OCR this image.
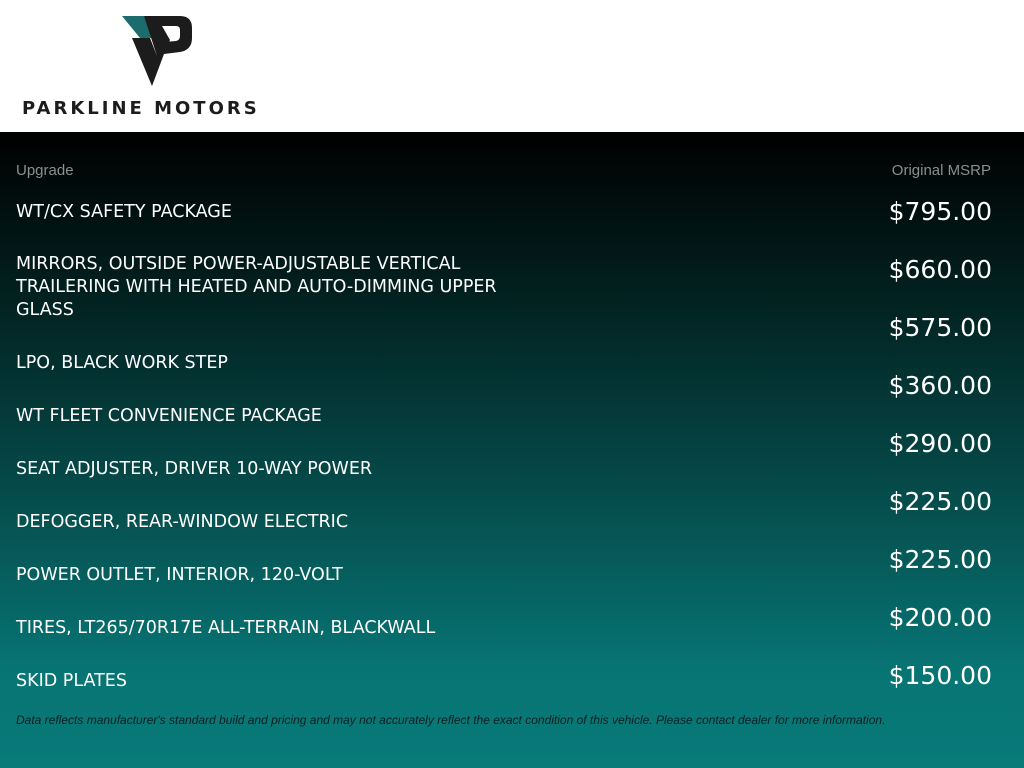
PARKLINE MOTORS
Upgrade	Original MSRP
WT/CX SAFETY PACKAGE
MIRRORS, OUTSIDE POWER-ADJUSTABLE VERTICAL TRAILERING WITH HEATED AND AUTO-DIMMING UPPER GLASS
LPO, BLACK WORK STEP
WT FLEET CONVENIENCE PACKAGE
SEAT ADJUSTER, DRIVER 10-WAY POWER
DEFOGGER, REAR-WINDOW ELECTRIC
POWER OUTLET, INTERIOR, 120-VOLT
TIRES, LT265/70R17E ALL-TERRAIN, BLACKWALL
SKID PLATES
$795.00
$660.00
$575.00
$360.00
$290.00
$225.00
$225.00
$200.00
$150.00
Data reflects manufacturer's standard build and pricing and may not accurately reflect the exact condition of this vehicle. Please contact dealer for more information.
